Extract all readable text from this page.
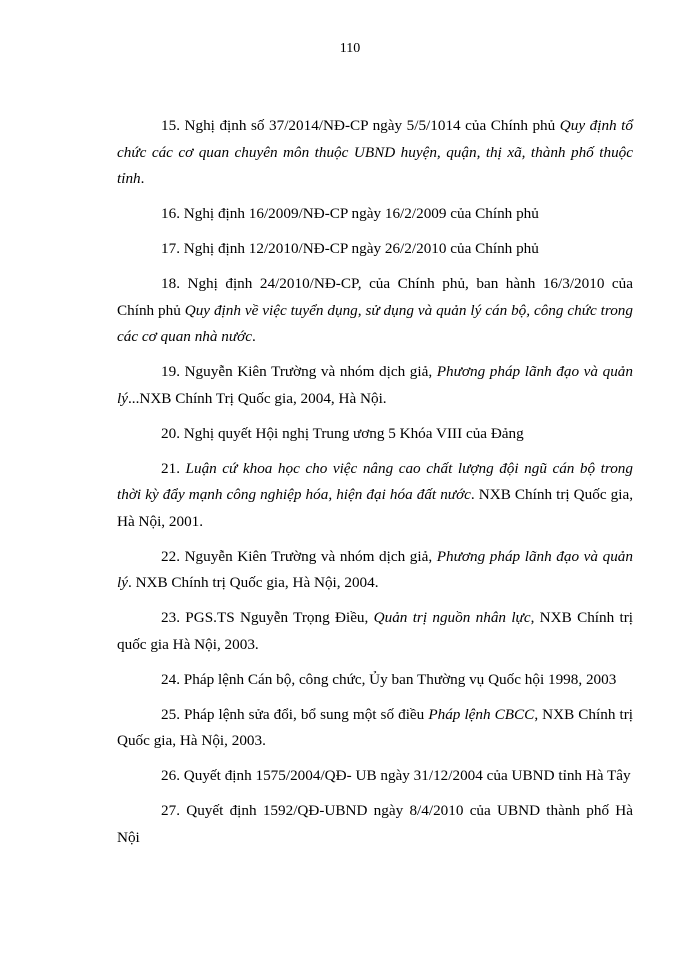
110

15. Nghị định số 37/2014/NĐ-CP ngày 5/5/1014 của Chính phủ Quy định tổ chức các cơ quan chuyên môn thuộc UBND huyện, quận, thị xã, thành phố thuộc tỉnh.

16. Nghị định 16/2009/NĐ-CP ngày 16/2/2009 của Chính phủ

17. Nghị định 12/2010/NĐ-CP ngày 26/2/2010 của Chính phủ

18. Nghị định 24/2010/NĐ-CP, của Chính phủ, ban hành 16/3/2010 của Chính phủ Quy định về việc tuyển dụng, sử dụng và quản lý cán bộ, công chức trong các cơ quan nhà nước.

19. Nguyễn Kiên Trường và nhóm dịch giả, Phương pháp lãnh đạo và quản lý...NXB Chính Trị Quốc gia, 2004, Hà Nội.

20. Nghị quyết Hội nghị Trung ương 5 Khóa VIII của Đảng

21. Luận cứ khoa học cho việc nâng cao chất lượng đội ngũ cán bộ trong thời kỳ đẩy mạnh công nghiệp hóa, hiện đại hóa đất nước. NXB Chính trị Quốc gia, Hà Nội, 2001.

22. Nguyễn Kiên Trường và nhóm dịch giả, Phương pháp lãnh đạo và quản lý. NXB Chính trị Quốc gia, Hà Nội, 2004.

23. PGS.TS Nguyễn Trọng Điều, Quản trị nguồn nhân lực, NXB Chính trị quốc gia Hà Nội, 2003.

24. Pháp lệnh Cán bộ, công chức, Ủy ban Thường vụ Quốc hội 1998, 2003

25. Pháp lệnh sửa đổi, bổ sung một số điều Pháp lệnh CBCC, NXB Chính trị Quốc gia, Hà Nội, 2003.

26. Quyết định 1575/2004/QĐ- UB ngày 31/12/2004 của UBND tỉnh Hà Tây

27. Quyết định 1592/QĐ-UBND ngày 8/4/2010 của UBND thành phố Hà Nội
